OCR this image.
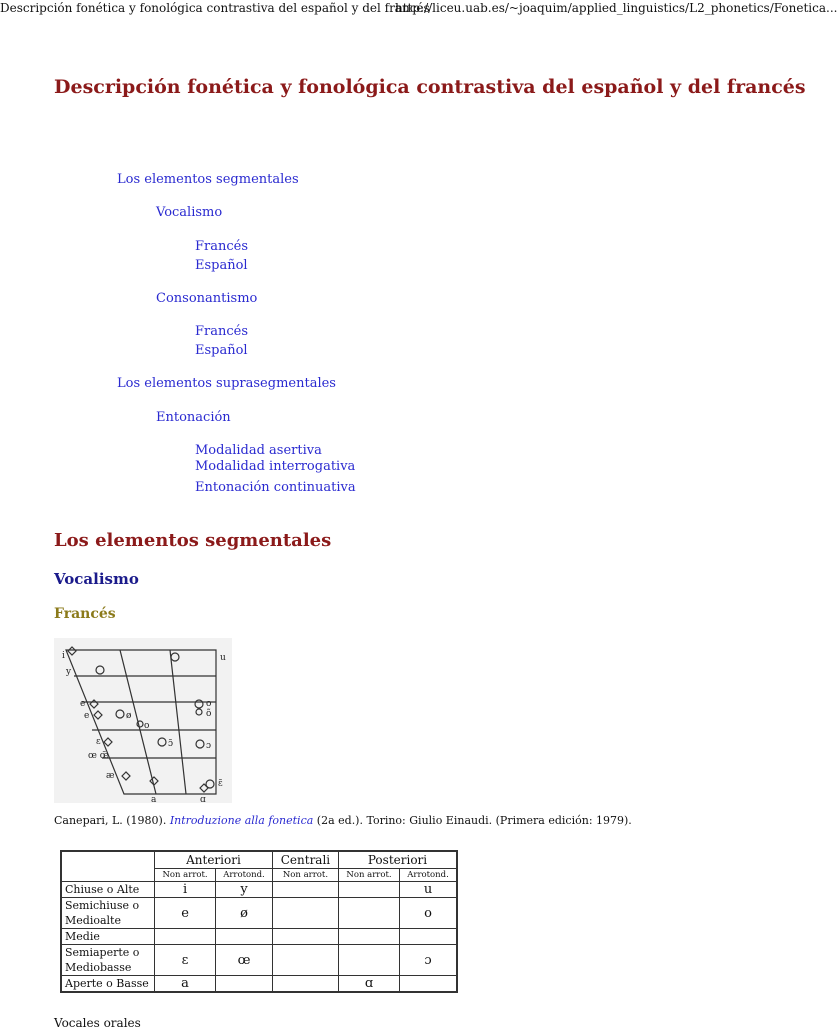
Descripción fonética y fonológica contrastiva del español y del francés
http://liceu.uab.es/~joaquim/applied_linguistics/L2_phonetics/Fonetica...
Descripción fonética y fonológica contrastiva del español y del francés
Los elementos segmentales
Vocalismo
Francés
Español
Consonantismo
Francés
Español
Los elementos suprasegmentales
Entonación
Modalidad asertiva
Modalidad interrogativa
Entonación continuativa
Los elementos segmentales
Vocalismo
Francés
i
y
u
e
e	ø
o
o
õ
ɛ
œ œ̃
ɔ̃	ɔ
æ
ɛ̃
a	ɑ
Canepari, L. (1980). Introduzione alla fonetica (2a ed.). Torino: Giulio Einaudi. (Primera edición: 1979).
	Anteriori		Centrali	Posteriori	
	Non arrot.	Arrotond.	Non arrot.	Non arrot.	Arrotond.
Chiuse o Alte	i	y			u
Semichiuse o Medioalte	e	ø			o
Medie					
Semiaperte o Mediobasse	ɛ	œ			ɔ
Aperte o Basse	a			ɑ	
Vocales orales
